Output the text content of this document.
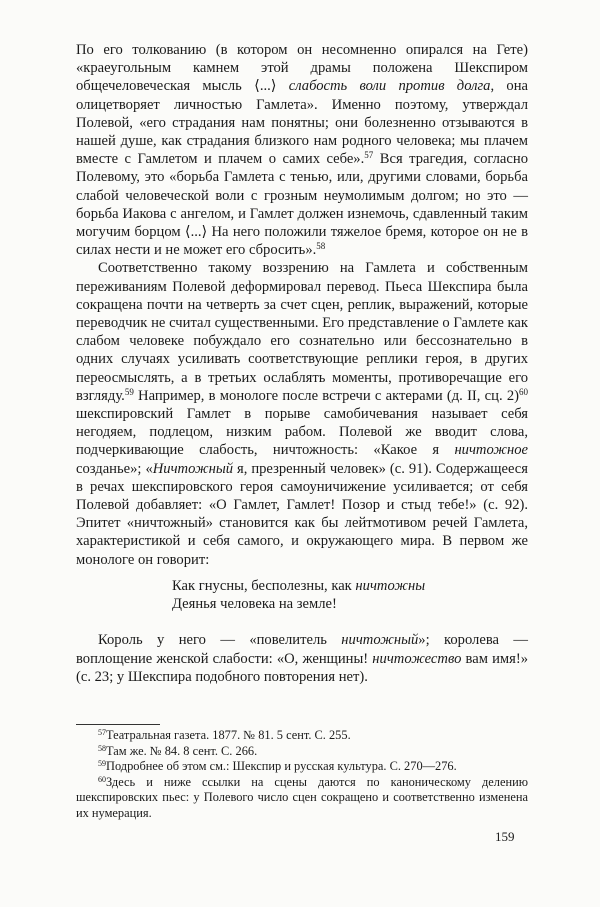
По его толкованию (в котором он несомненно опирался на Гете) «краеугольным камнем этой драмы положена Шекспиром общечеловеческая мысль ⟨...⟩ слабость воли против долга, она олицетворяет личностью Гамлета». Именно поэтому, утверждал Полевой, «его страдания нам понятны; они болезненно отзываются в нашей душе, как страдания близкого нам родного человека; мы плачем вместе с Гамлетом и плачем о самих себе».$^{57}$ Вся трагедия, согласно Полевому, это «борьба Гамлета с тенью, или, другими словами, борьба слабой человеческой воли с грозным неумолимым долгом; но это — борьба Иакова с ангелом, и Гамлет должен изнемочь, сдавленный таким могучим борцом ⟨...⟩ На него положили тяжелое бремя, которое он не в силах нести и не может его сбросить».$^{58}$

Соответственно такому воззрению на Гамлета и собственным переживаниям Полевой деформировал перевод. Пьеса Шекспира была сокращена почти на четверть за счет сцен, реплик, выражений, которые переводчик не считал существенными. Его представление о Гамлете как слабом человеке побуждало его сознательно или бессознательно в одних случаях усиливать соответствующие реплики героя, в других переосмыслять, а в третьих ослаблять моменты, противоречащие его взгляду.$^{59}$ Например, в монологе после встречи с актерами (д. II, сц. 2)$^{60}$ шекспировский Гамлет в порыве самобичевания называет себя негодяем, подлецом, низким рабом. Полевой же вводит слова, подчеркивающие слабость, ничтожность: «Какое я ничтожное созданье»; «Ничтожный я, презренный человек» (с. 91). Содержащееся в речах шекспировского героя самоуничижение усиливается; от себя Полевой добавляет: «О Гамлет, Гамлет! Позор и стыд тебе!» (с. 92). Эпитет «ничтожный» становится как бы лейтмотивом речей Гамлета, характеристикой и себя самого, и окружающего мира. В первом же монологе он говорит:

Как гнусны, бесполезны, как ничтожны
Деянья человека на земле!

Король у него — «повелитель ничтожный»; королева — воплощение женской слабости: «О, женщины! ничтожество вам имя!» (с. 23; у Шекспира подобного повторения нет).

$^{57}$Театральная газета. 1877. № 81. 5 сент. С. 255.

$^{58}$Там же. № 84. 8 сент. С. 266.

$^{59}$Подробнее об этом см.: Шекспир и русская культура. С. 270—276.

$^{60}$Здесь и ниже ссылки на сцены даются по каноническому делению шекспировских пьес: у Полевого число сцен сокращено и соответственно изменена их нумерация.

159
